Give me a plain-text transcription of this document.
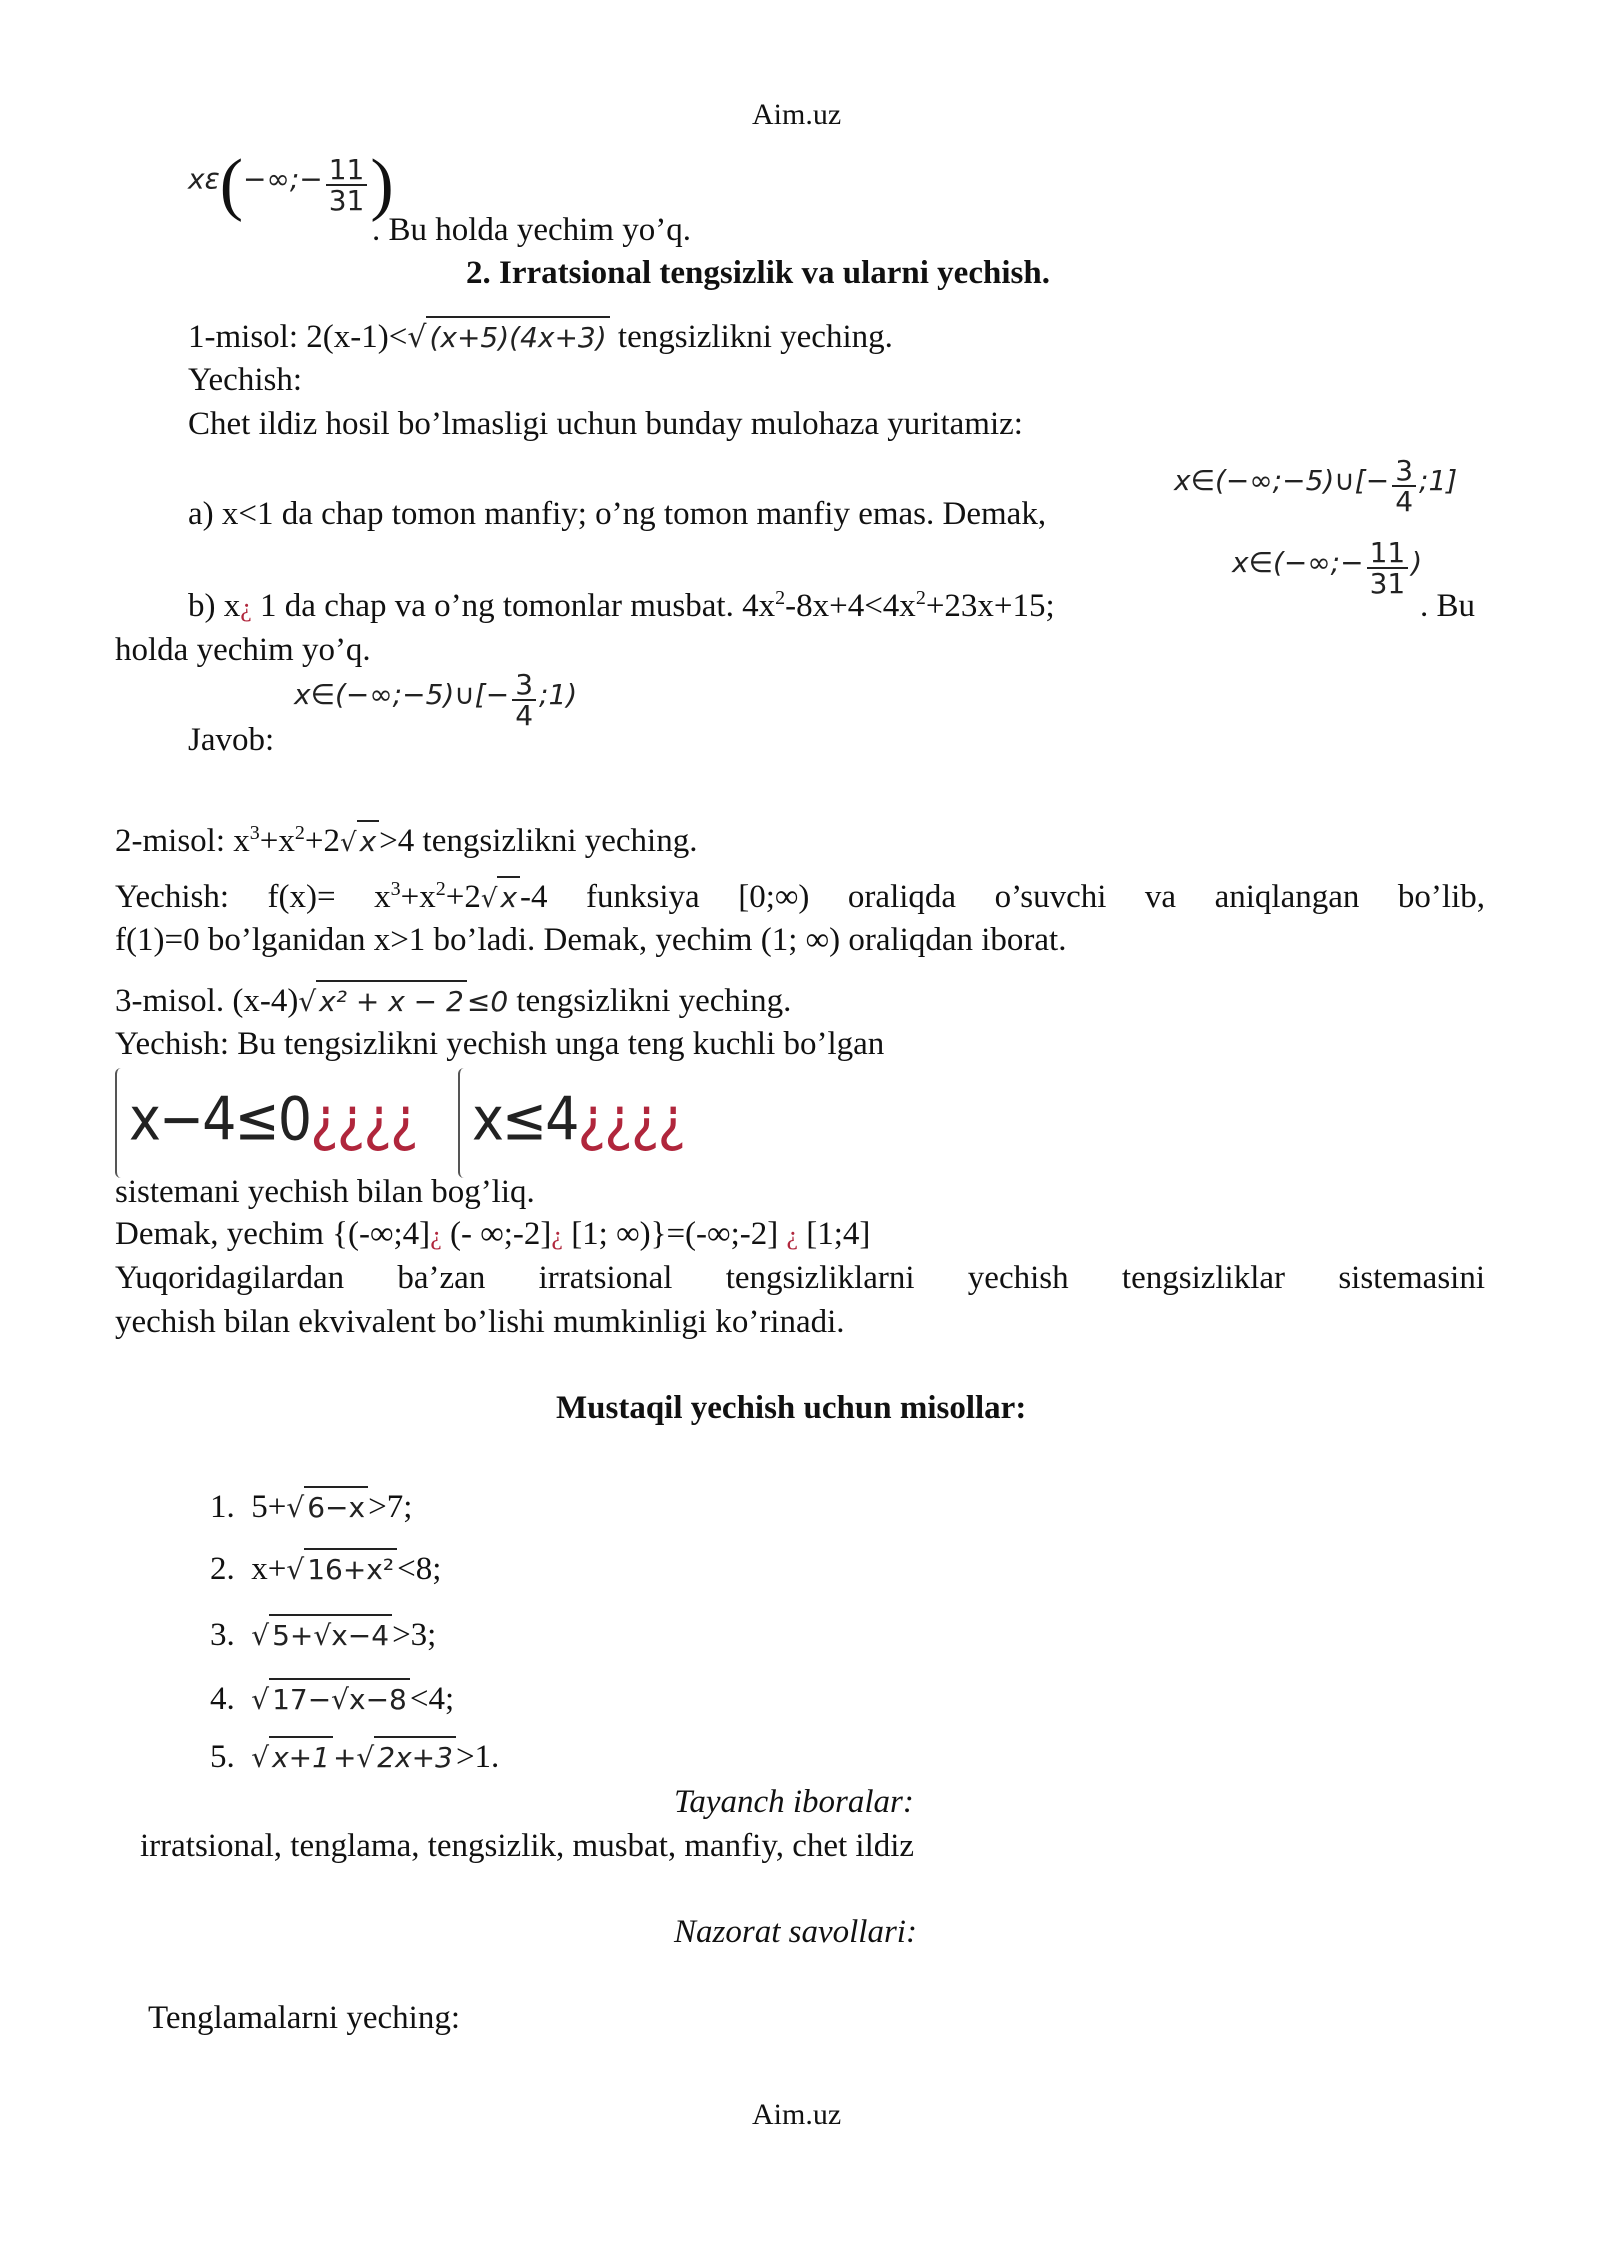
Aim.uz
xε(−∞;− $\frac{11}{31}$ )
. Bu holda yechim yo’q.
2. Irratsional tengsizlik va ularni yechish.
1-misol: 2(x-1)<√ (x+5)(4x+3) tengsizlikni yeching.
Yechish:
Chet ildiz hosil bo’lmasligi uchun bunday mulohaza yuritamiz:
a) x<1 da chap tomon manfiy; o’ng tomon manfiy emas. Demak,
x∈(−∞;−5)∪[− $\frac{3}{4}$ ;1]
b) x¿ 1 da chap va o’ng tomonlar musbat. $4x^2-8x+4<4x^2+23x+15$;
x∈(−∞;− $\frac{11}{31}$ )
. Bu
holda yechim yo’q.
x∈(−∞;−5)∪[− $\frac{3}{4}$ ;1)
Javob:
2-misol: $x^3+x^2+2√$ x>4 tengsizlikni yeching.
Yechish: $f(x)= x^3+x^2+2√$ x-4 funksiya [0;∞) oraliqda o’suvchi va aniqlangan bo’lib,
f(1)=0 bo’lganidan x>1 bo’ladi. Demak, yechim (1; ∞) oraliqdan iborat.
3-misol. (x-4)√ x² + x − 2 ≤0 tengsizlikni yeching.
Yechish: Bu tengsizlikni yechish unga teng kuchli bo’lgan
x−4≤0¿¿¿¿ x≤4¿¿¿¿
sistemani yechish bilan bog’liq.
Demak, yechim {(-∞;4]¿ (- ∞;-2]¿ [1; ∞)}=(-∞;-2] ¿ [1;4]
Yuqoridagilardan ba’zan irratsional tengsizliklarni yechish tengsizliklar sistemasini
yechish bilan ekvivalent bo’lishi mumkinligi ko’rinadi.
Mustaqil yechish uchun misollar:
1. 5+√ 6−x>7;
2. x+√ 16+x²<8;
3. √ 5+√x−4>3;
4. √ 17−√x−8<4;
5. √ x+1 +√ 2x+3>1.
Tayanch iboralar:
irratsional, tenglama, tengsizlik, musbat, manfiy, chet ildiz
Nazorat savollari:
Tenglamalarni yeching:
Aim.uz
